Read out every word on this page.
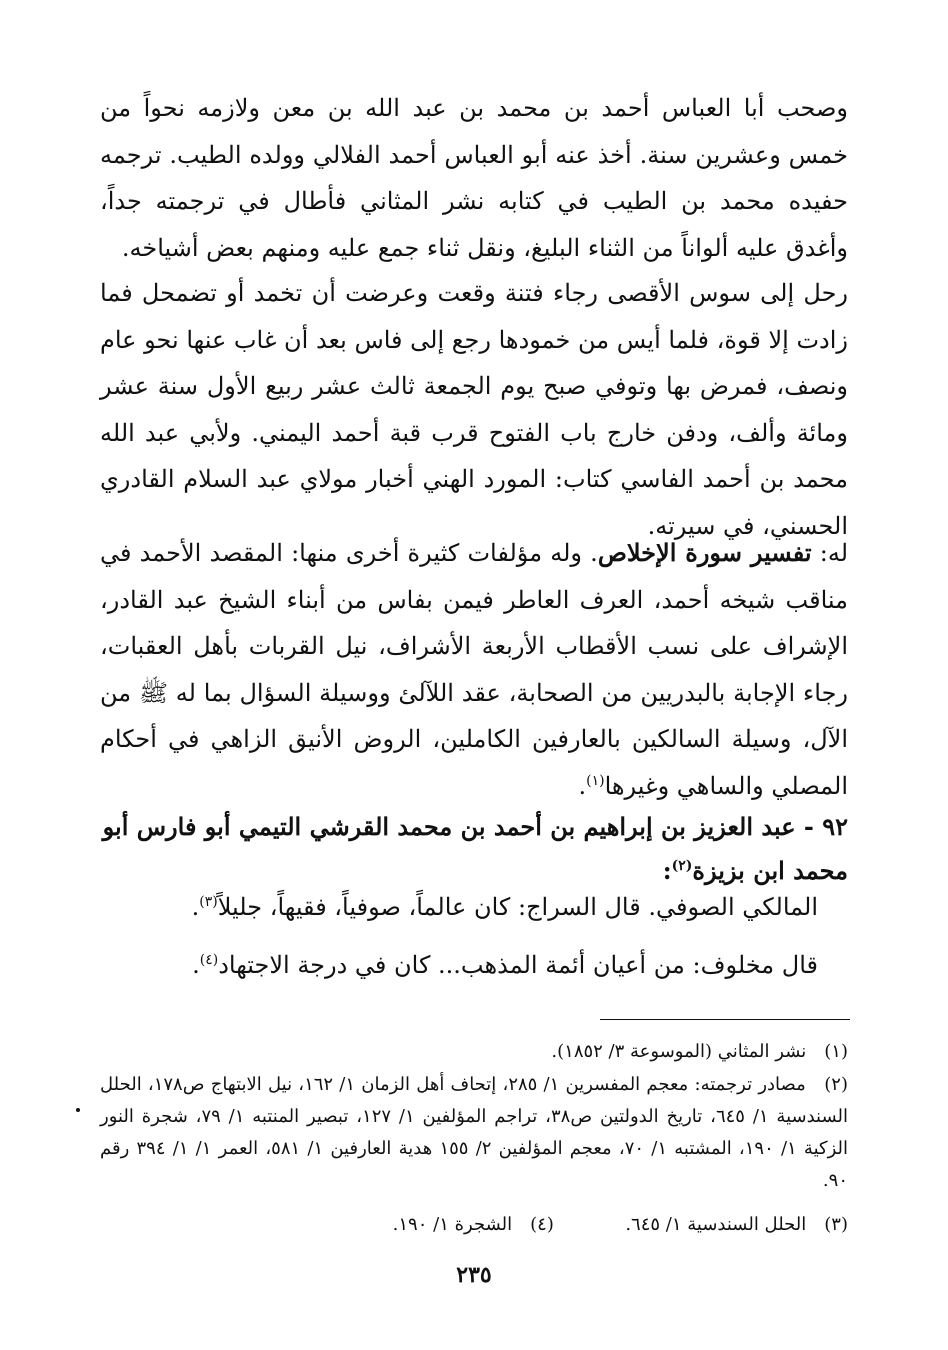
وصحب أبا العباس أحمد بن محمد بن عبد الله بن معن ولازمه نحواً من خمس وعشرين سنة. أخذ عنه أبو العباس أحمد الفلالي وولده الطيب. ترجمه حفيده محمد بن الطيب في كتابه نشر المثاني فأطال في ترجمته جداً، وأغدق عليه ألواناً من الثناء البليغ، ونقل ثناء جمع عليه ومنهم بعض أشياخه.
رحل إلى سوس الأقصى رجاء فتنة وقعت وعرضت أن تخمد أو تضمحل فما زادت إلا قوة، فلما أيس من خمودها رجع إلى فاس بعد أن غاب عنها نحو عام ونصف، فمرض بها وتوفي صبح يوم الجمعة ثالث عشر ربيع الأول سنة عشر ومائة وألف، ودفن خارج باب الفتوح قرب قبة أحمد اليمني. ولأبي عبد الله محمد بن أحمد الفاسي كتاب: المورد الهني أخبار مولاي عبد السلام القادري الحسني، في سيرته.
له: تفسير سورة الإخلاص. وله مؤلفات كثيرة أخرى منها: المقصد الأحمد في مناقب شيخه أحمد، العرف العاطر فيمن بفاس من أبناء الشيخ عبد القادر، الإشراف على نسب الأقطاب الأربعة الأشراف، نيل القربات بأهل العقبات، رجاء الإجابة بالبدريين من الصحابة، عقد اللآلئ ووسيلة السؤال بما له ﷺ من الآل، وسيلة السالكين بالعارفين الكاملين، الروض الأنيق الزاهي في أحكام المصلي والساهي وغيرها$^{(١)}$.
٩٢ - عبد العزيز بن إبراهيم بن أحمد بن محمد القرشي التيمي أبو فارس أبو محمد ابن بزيزة$^{(٢)}$:
المالكي الصوفي. قال السراج: كان عالماً، صوفياً، فقيهاً، جليلاً$^{(٣)}$.
قال مخلوف: من أعيان أئمة المذهب... كان في درجة الاجتهاد$^{(٤)}$.
(١) نشر المثاني (الموسوعة ٣/ ١٨٥٢).
(٢) مصادر ترجمته: معجم المفسرين ١/ ٢٨٥، إتحاف أهل الزمان ١/ ١٦٢، نيل الابتهاج ص١٧٨، الحلل السندسية ١/ ٦٤٥، تاريخ الدولتين ص٣٨، تراجم المؤلفين ١/ ١٢٧، تبصير المنتبه ١/ ٧٩، شجرة النور الزكية ١/ ١٩٠، المشتبه ١/ ٧٠، معجم المؤلفين ٢/ ١٥٥ هدية العارفين ١/ ٥٨١، العمر ١/ ١/ ٣٩٤ رقم ٩٠.
(٣) الحلل السندسية ١/ ٦٤٥.  (٤) الشجرة ١/ ١٩٠.
٢٣٥
